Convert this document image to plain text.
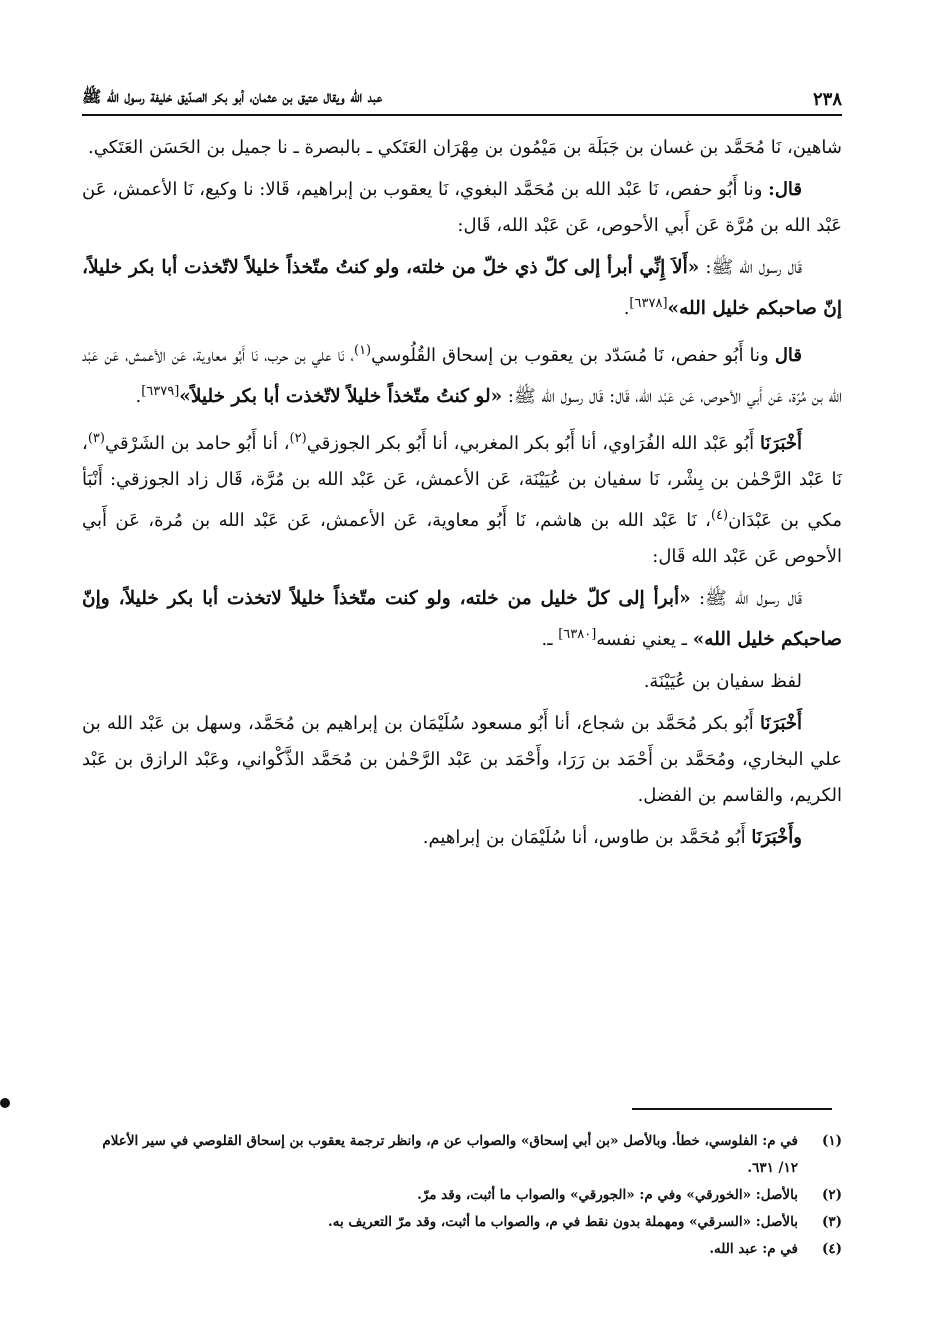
٢٣٨
عبد الله ويقال عتيق بن عثمان، أبو بكر الصدّيق خليفة رسول الله ﷺ

شاهين، نَا مُحَمَّد بن غسان بن جَبَلَة بن مَيْمُون بن مِهْرَان العَتَكي ـ بالبصرة ـ نا جميل بن الحَسَن العَتَكي.

قال: ونا أَبُو حفص، نَا عَبْد الله بن مُحَمَّد البغوي، نَا يعقوب بن إبراهيم، قَالا: نا وكيع، نَا الأعمش، عَن عَبْد الله بن مُرَّة عَن أَبي الأحوص، عَن عَبْد الله، قَال:

قَال رسول الله ﷺ: «أَلاَ إِنِّي أبرأ إلى كلّ ذي خلّ من خلته، ولو كنتُ متّخذاً خليلاً لاتّخذت أبا بكر خليلاً، إنّ صاحبكم خليل الله»[٦٣٧٨].

قال ونا أَبُو حفص، نَا مُسَدّد بن يعقوب بن إسحاق القُلُوسي$^{(١)}$، نَا علي بن حرب، نَا أَبُو معاوية، عَن الأعمش، عَن عَبْد الله بن مُرّة، عَن أَبي الأحوص، عَن عَبْد الله، قَال: قَال رسول الله ﷺ: «لو كنتُ متّخذاً خليلاً لاتّخذت أبا بكر خليلاً»[٦٣٧٩].

أَخْبَرَنَا أَبُو عَبْد الله الفُرَاوي، أنا أَبُو بكر المغربي، أنا أَبُو بكر الجوزقي$^{(٢)}$، أنا أَبُو حامد بن الشَرْقي$^{(٣)}$، نَا عَبْد الرَّحْمٰن بن بِشْر، نَا سفيان بن عُيَيْنَة، عَن الأعمش، عَن عَبْد الله بن مُرَّة، قَال زاد الجوزقي: أَنْبَأ مكي بن عَبْدَان$^{(٤)}$، نَا عَبْد الله بن هاشم، نَا أَبُو معاوية، عَن الأعمش، عَن عَبْد الله بن مُرة، عَن أَبي الأحوص عَن عَبْد الله قَال:

قَال رسول الله ﷺ: «أبرأ إلى كلّ خليل من خلته، ولو كنت متّخذاً خليلاً لاتخذت أبا بكر خليلاً، وإنّ صاحبكم خليل الله» ـ يعني نفسه[٦٣٨٠] ـ.

لفظ سفيان بن عُيَيْنَة.

أَخْبَرَنَا أَبُو بكر مُحَمَّد بن شجاع، أنا أَبُو مسعود سُلَيْمَان بن إبراهيم بن مُحَمَّد، وسهل بن عَبْد الله بن علي البخاري، ومُحَمَّد بن أَحْمَد بن رَرَا، وأَحْمَد بن عَبْد الرَّحْمٰن بن مُحَمَّد الذَّكْواني، وعَبْد الرازق بن عَبْد الكريم، والقاسم بن الفضل.

وأَخْبَرَنَا أَبُو مُحَمَّد بن طاوس، أنا سُلَيْمَان بن إبراهيم.

(١)
في م: الفلوسي، خطأ. وبالأصل «بن أبي إسحاق» والصواب عن م، وانظر ترجمة يعقوب بن إسحاق القلوصي في سير الأعلام ١٢/ ٦٣١.
(٢)
بالأصل: «الخورقي» وفي م: «الجورقي» والصواب ما أثبت، وقد مرّ.
(٣)
بالأصل: «السرقي» ومهملة بدون نقط في م، والصواب ما أثبت، وقد مرّ التعريف به.
(٤)
في م: عبد الله.
